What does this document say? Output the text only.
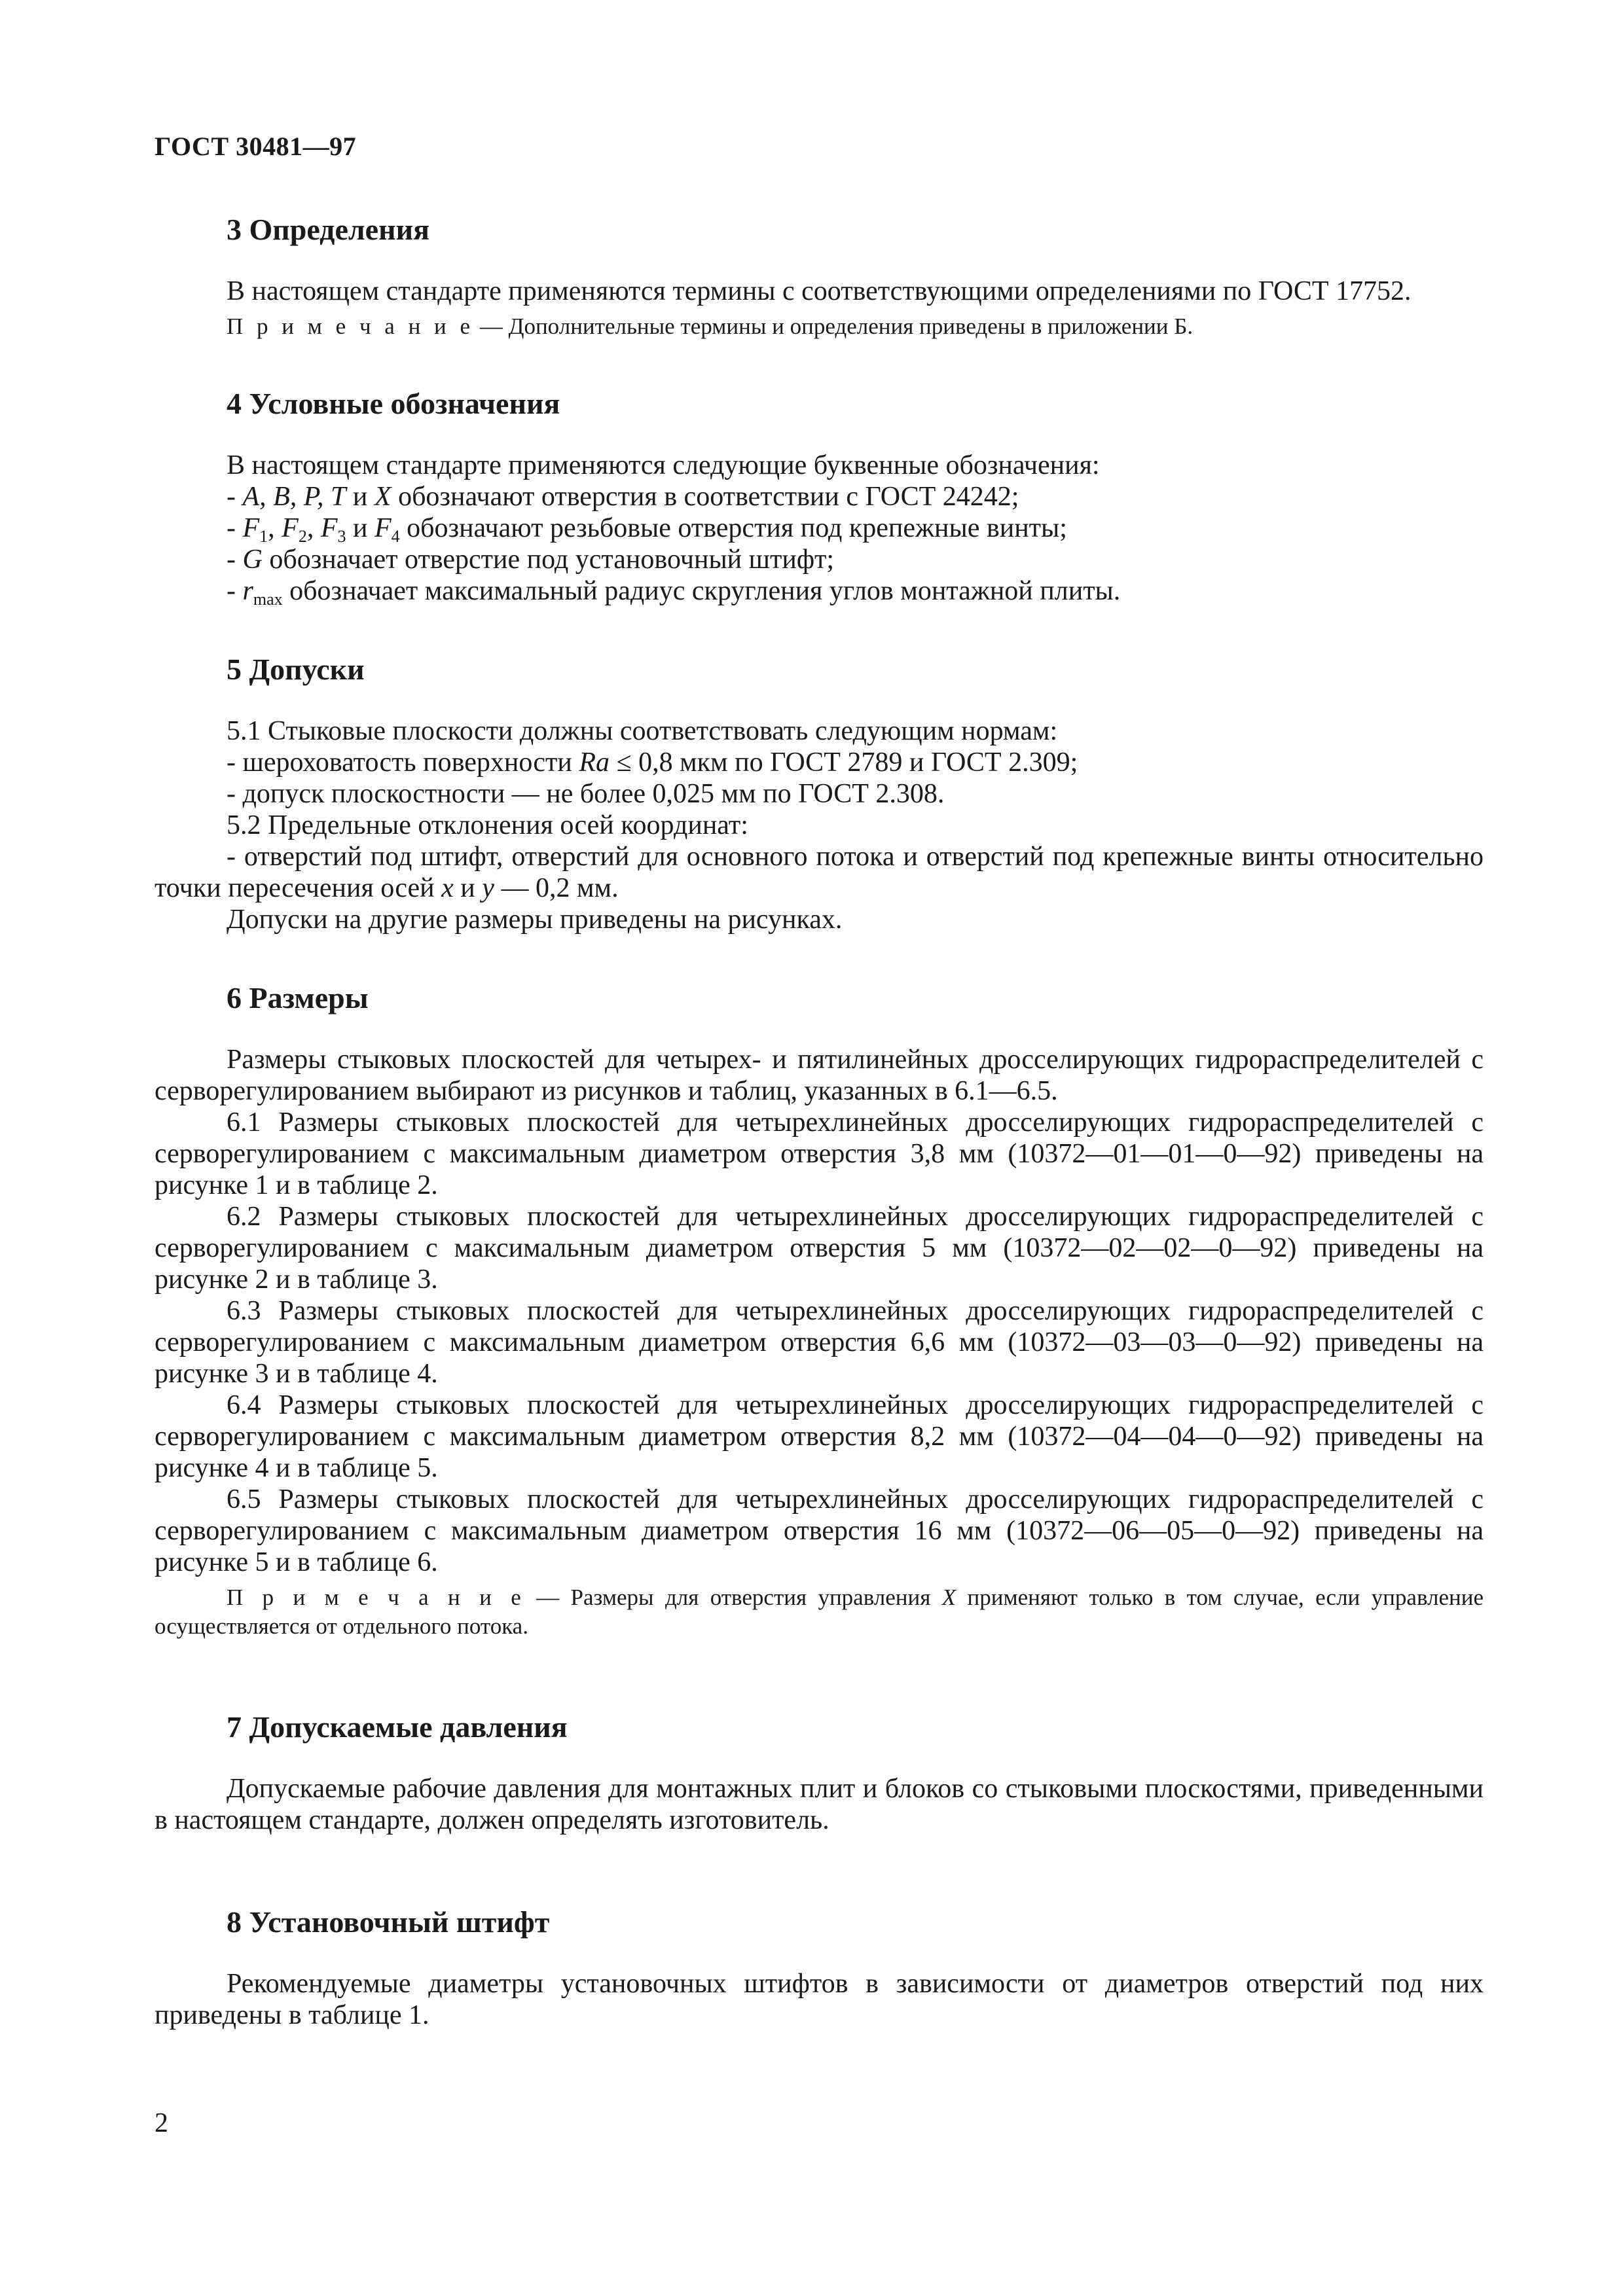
ГОСТ 30481—97
3 Определения

В настоящем стандарте применяются термины с соответствующими определениями по ГОСТ 17752.

П р и м е ч а н и е — Дополнительные термины и определения приведены в приложении Б.
4 Условные обозначения

В настоящем стандарте применяются следующие буквенные обозначения:

- A, B, P, T и X обозначают отверстия в соответствии с ГОСТ 24242;

- $F_1$, $F_2$, $F_3$ и $F_4$ обозначают резьбовые отверстия под крепежные винты;

- G обозначает отверстие под установочный штифт;

- $r_{max}$ обозначает максимальный радиус скругления углов монтажной плиты.

5 Допуски

5.1 Стыковые плоскости должны соответствовать следующим нормам:

- шероховатость поверхности Ra ≤ 0,8 мкм по ГОСТ 2789 и ГОСТ 2.309;

- допуск плоскостности — не более 0,025 мм по ГОСТ 2.308.

5.2 Предельные отклонения осей координат:

- отверстий под штифт, отверстий для основного потока и отверстий под крепежные винты относительно точки пересечения осей x и y — 0,2 мм.

Допуски на другие размеры приведены на рисунках.

6 Размеры

Размеры стыковых плоскостей для четырех- и пятилинейных дросселирующих гидрораспределителей с серворегулированием выбирают из рисунков и таблиц, указанных в 6.1—6.5.

6.1 Размеры стыковых плоскостей для четырехлинейных дросселирующих гидрораспределителей с серворегулированием с максимальным диаметром отверстия 3,8 мм (10372—01—01—0—92) приведены на рисунке 1 и в таблице 2.

6.2 Размеры стыковых плоскостей для четырехлинейных дросселирующих гидрораспределителей с серворегулированием с максимальным диаметром отверстия 5 мм (10372—02—02—0—92) приведены на рисунке 2 и в таблице 3.

6.3 Размеры стыковых плоскостей для четырехлинейных дросселирующих гидрораспределителей с серворегулированием с максимальным диаметром отверстия 6,6 мм (10372—03—03—0—92) приведены на рисунке 3 и в таблице 4.

6.4 Размеры стыковых плоскостей для четырехлинейных дросселирующих гидрораспределителей с серворегулированием с максимальным диаметром отверстия 8,2 мм (10372—04—04—0—92) приведены на рисунке 4 и в таблице 5.

6.5 Размеры стыковых плоскостей для четырехлинейных дросселирующих гидрораспределителей с серворегулированием с максимальным диаметром отверстия 16 мм (10372—06—05—0—92) приведены на рисунке 5 и в таблице 6.

П р и м е ч а н и е — Размеры для отверстия управления X применяют только в том случае, если управление осуществляется от отдельного потока.
7 Допускаемые давления

Допускаемые рабочие давления для монтажных плит и блоков со стыковыми плоскостями, приведенными в настоящем стандарте, должен определять изготовитель.

8 Установочный штифт

Рекомендуемые диаметры установочных штифтов в зависимости от диаметров отверстий под них приведены в таблице 1.

2
